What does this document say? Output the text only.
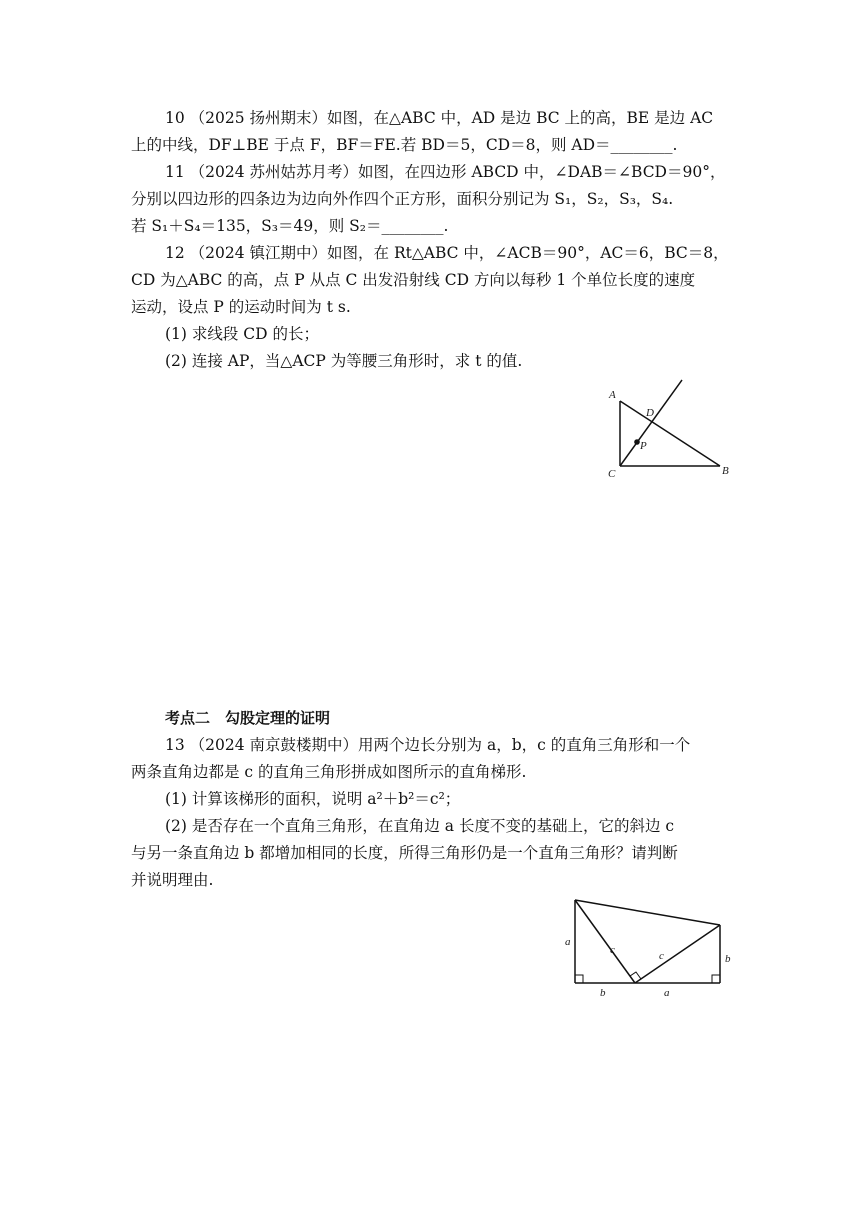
10 （2025 扬州期末）如图，在△ABC 中，AD 是边 BC 上的高，BE 是边 AC
上的中线，DF⊥BE 于点 F，BF＝FE.若 BD＝5，CD＝8，则 AD＝________.
11 （2024 苏州姑苏月考）如图，在四边形 ABCD 中，∠DAB＝∠BCD＝90°，
分别以四边形的四条边为边向外作四个正方形，面积分别记为 S₁，S₂，S₃，S₄.
若 S₁＋S₄＝135，S₃＝49，则 S₂＝________.
12 （2024 镇江期中）如图，在 Rt△ABC 中，∠ACB＝90°，AC＝6，BC＝8，
CD 为△ABC 的高，点 P 从点 C 出发沿射线 CD 方向以每秒 1 个单位长度的速度
运动，设点 P 的运动时间为 t s.
(1) 求线段 CD 的长；
(2) 连接 AP，当△ACP 为等腰三角形时，求 t 的值.
A
D
P
C	B
考点二　勾股定理的证明
13 （2024 南京鼓楼期中）用两个边长分别为 a，b，c 的直角三角形和一个
两条直角边都是 c 的直角三角形拼成如图所示的直角梯形.
(1) 计算该梯形的面积，说明 a²＋b²＝c²；
(2) 是否存在一个直角三角形，在直角边 a 长度不变的基础上，它的斜边 c
与另一条直角边 b 都增加相同的长度，所得三角形仍是一个直角三角形？请判断
并说明理由.
a
c	c	b
b	a
